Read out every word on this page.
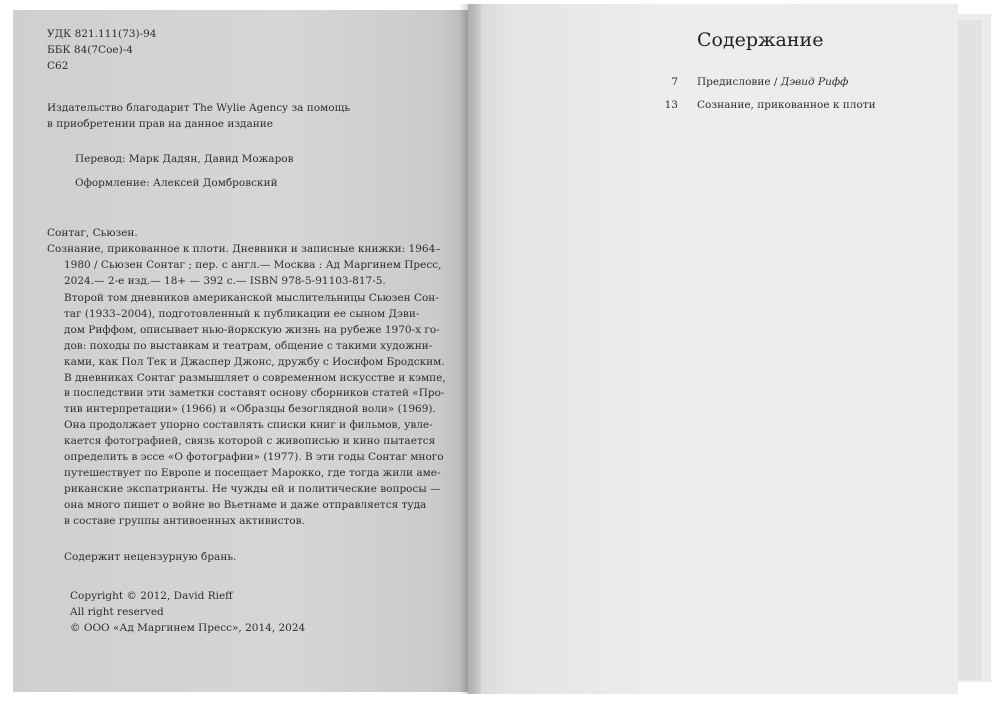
УДК 821.111(73)-94
ББК 84(7Сое)-4
С62
Издательство благодарит The Wylie Agency за помощь
в приобретении прав на данное издание
Перевод: Марк Дадян, Давид Можаров
Оформление: Алексей Домбровский
Сонтаг, Сьюзен.
Сознание, прикованное к плоти. Дневники и записные книжки: 1964–
1980 / Сьюзен Сонтаг ; пер. с англ.— Москва : Ад Маргинем Пресс,
2024.— 2-е изд.— 18+ — 392 с.— ISBN 978-5-91103-817-5.
Второй том дневников американской мыслительницы Сьюзен Сон-
таг (1933–2004), подготовленный к публикации ее сыном Дэви-
дом Риффом, описывает нью-йоркскую жизнь на рубеже 1970-х го-
дов: походы по выставкам и театрам, общение с такими художни-
ками, как Пол Тек и Джаспер Джонс, дружбу с Иосифом Бродским.
В дневниках Сонтаг размышляет о современном искусстве и кэмпе,
в последствии эти заметки составят основу сборников статей «Про-
тив интерпретации» (1966) и «Образцы безоглядной воли» (1969).
Она продолжает упорно составлять списки книг и фильмов, увле-
кается фотографией, связь которой с живописью и кино пытается
определить в эссе «О фотографии» (1977). В эти годы Сонтаг много
путешествует по Европе и посещает Марокко, где тогда жили аме-
риканские экспатрианты. Не чужды ей и политические вопросы —
она много пишет о войне во Вьетнаме и даже отправляется туда
в составе группы антивоенных активистов.
Содержит нецензурную брань.
Copyright © 2012, David Rieff
All right reserved
© ООО «Ад Маргинем Пресс», 2014, 2024
Содержание
7 Предисловие / Дэвид Рифф
13 Сознание, прикованное к плоти
